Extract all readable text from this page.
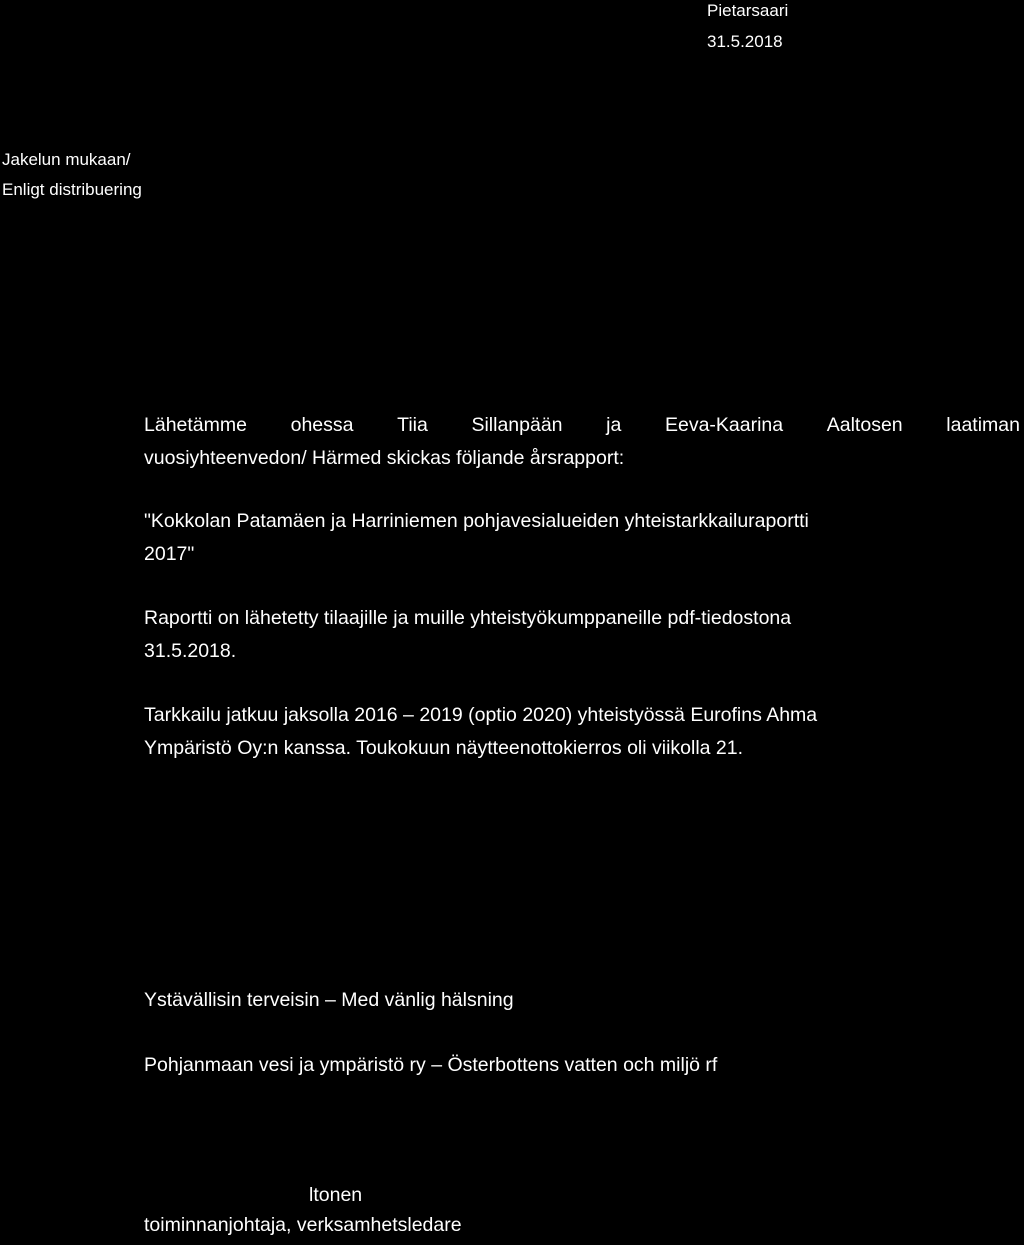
Pietarsaari
31.5.2018
Jakelun mukaan/
Enligt distribuering
Lähetämme ohessa Tiia Sillanpään ja Eeva-Kaarina Aaltosen laatiman
vuosiyhteenvedon/ Härmed skickas följande årsrapport:
"Kokkolan Patamäen ja Harriniemen pohjavesialueiden yhteistarkkailuraportti
2017"
Raportti on lähetetty tilaajille ja muille yhteistyökumppaneille pdf-tiedostona
31.5.2018.
Tarkkailu jatkuu jaksolla 2016 – 2019 (optio 2020) yhteistyössä Eurofins Ahma
Ympäristö Oy:n kanssa. Toukokuun näytteenottokierros oli viikolla 21.
Ystävällisin terveisin – Med vänlig hälsning
Pohjanmaan vesi ja ympäristö ry – Österbottens vatten och miljö rf
ltonen
toiminnanjohtaja, verksamhetsledare
